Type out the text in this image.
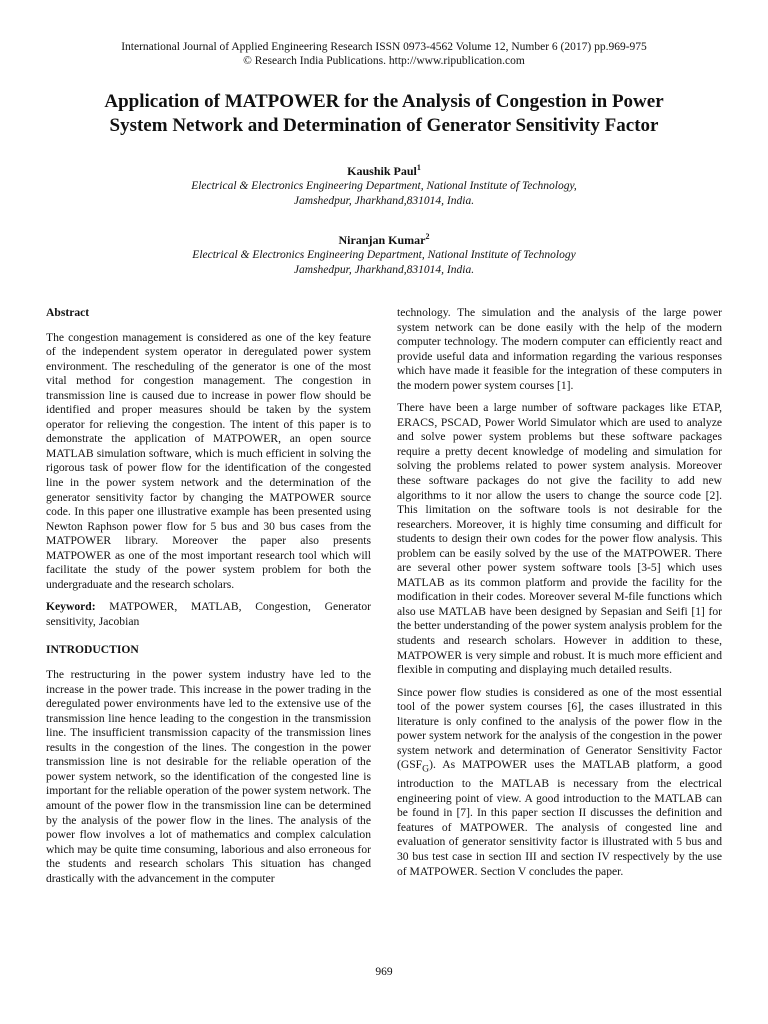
International Journal of Applied Engineering Research ISSN 0973-4562 Volume 12, Number 6 (2017) pp.969-975
© Research India Publications. http://www.ripublication.com
Application of MATPOWER for the Analysis of Congestion in Power
System Network and Determination of Generator Sensitivity Factor
Kaushik Paul$^1$
Electrical & Electronics Engineering Department, National Institute of Technology,
Jamshedpur, Jharkhand,831014, India.
Niranjan Kumar$^2$
Electrical & Electronics Engineering Department, National Institute of Technology
Jamshedpur, Jharkhand,831014, India.
Abstract

The congestion management is considered as one of the key feature of the independent system operator in deregulated power system environment. The rescheduling of the generator is one of the most vital method for congestion management. The congestion in transmission line is caused due to increase in power flow should be identified and proper measures should be taken by the system operator for relieving the congestion. The intent of this paper is to demonstrate the application of MATPOWER, an open source MATLAB simulation software, which is much efficient in solving the rigorous task of power flow for the identification of the congested line in the power system network and the determination of the generator sensitivity factor by changing the MATPOWER source code. In this paper one illustrative example has been presented using Newton Raphson power flow for 5 bus and 30 bus cases from the MATPOWER library. Moreover the paper also presents MATPOWER as one of the most important research tool which will facilitate the study of the power system problem for both the undergraduate and the research scholars.

Keyword: MATPOWER, MATLAB, Congestion, Generator sensitivity, Jacobian

INTRODUCTION

The restructuring in the power system industry have led to the increase in the power trade. This increase in the power trading in the deregulated power environments have led to the extensive use of the transmission line hence leading to the congestion in the transmission line. The insufficient transmission capacity of the transmission lines results in the congestion of the lines. The congestion in the power transmission line is not desirable for the reliable operation of the power system network, so the identification of the congested line is important for the reliable operation of the power system network. The amount of the power flow in the transmission line can be determined by the analysis of the power flow in the lines. The analysis of the power flow involves a lot of mathematics and complex calculation which may be quite time consuming, laborious and also erroneous for the students and research scholars This situation has changed drastically with the advancement in the computer

technology. The simulation and the analysis of the large power system network can be done easily with the help of the modern computer technology. The modern computer can efficiently react and provide useful data and information regarding the various responses which have made it feasible for the integration of these computers in the modern power system courses [1].

There have been a large number of software packages like ETAP, ERACS, PSCAD, Power World Simulator which are used to analyze and solve power system problems but these software packages require a pretty decent knowledge of modeling and simulation for solving the problems related to power system analysis. Moreover these software packages do not give the facility to add new algorithms to it nor allow the users to change the source code [2]. This limitation on the software tools is not desirable for the researchers. Moreover, it is highly time consuming and difficult for students to design their own codes for the power flow analysis. This problem can be easily solved by the use of the MATPOWER. There are several other power system software tools [3-5] which uses MATLAB as its common platform and provide the facility for the modification in their codes. Moreover several M-file functions which also use MATLAB have been designed by Sepasian and Seifi [1] for the better understanding of the power system analysis problem for the students and research scholars. However in addition to these, MATPOWER is very simple and robust. It is much more efficient and flexible in computing and displaying much detailed results.

Since power flow studies is considered as one of the most essential tool of the power system courses [6], the cases illustrated in this literature is only confined to the analysis of the power flow in the power system network for the analysis of the congestion in the power system network and determination of Generator Sensitivity Factor $(GSF_G)$. As MATPOWER uses the MATLAB platform, a good introduction to the MATLAB is necessary from the electrical engineering point of view. A good introduction to the MATLAB can be found in [7]. In this paper section II discusses the definition and features of MATPOWER. The analysis of congested line and evaluation of generator sensitivity factor is illustrated with 5 bus and 30 bus test case in section III and section IV respectively by the use of MATPOWER. Section V concludes the paper.

969
